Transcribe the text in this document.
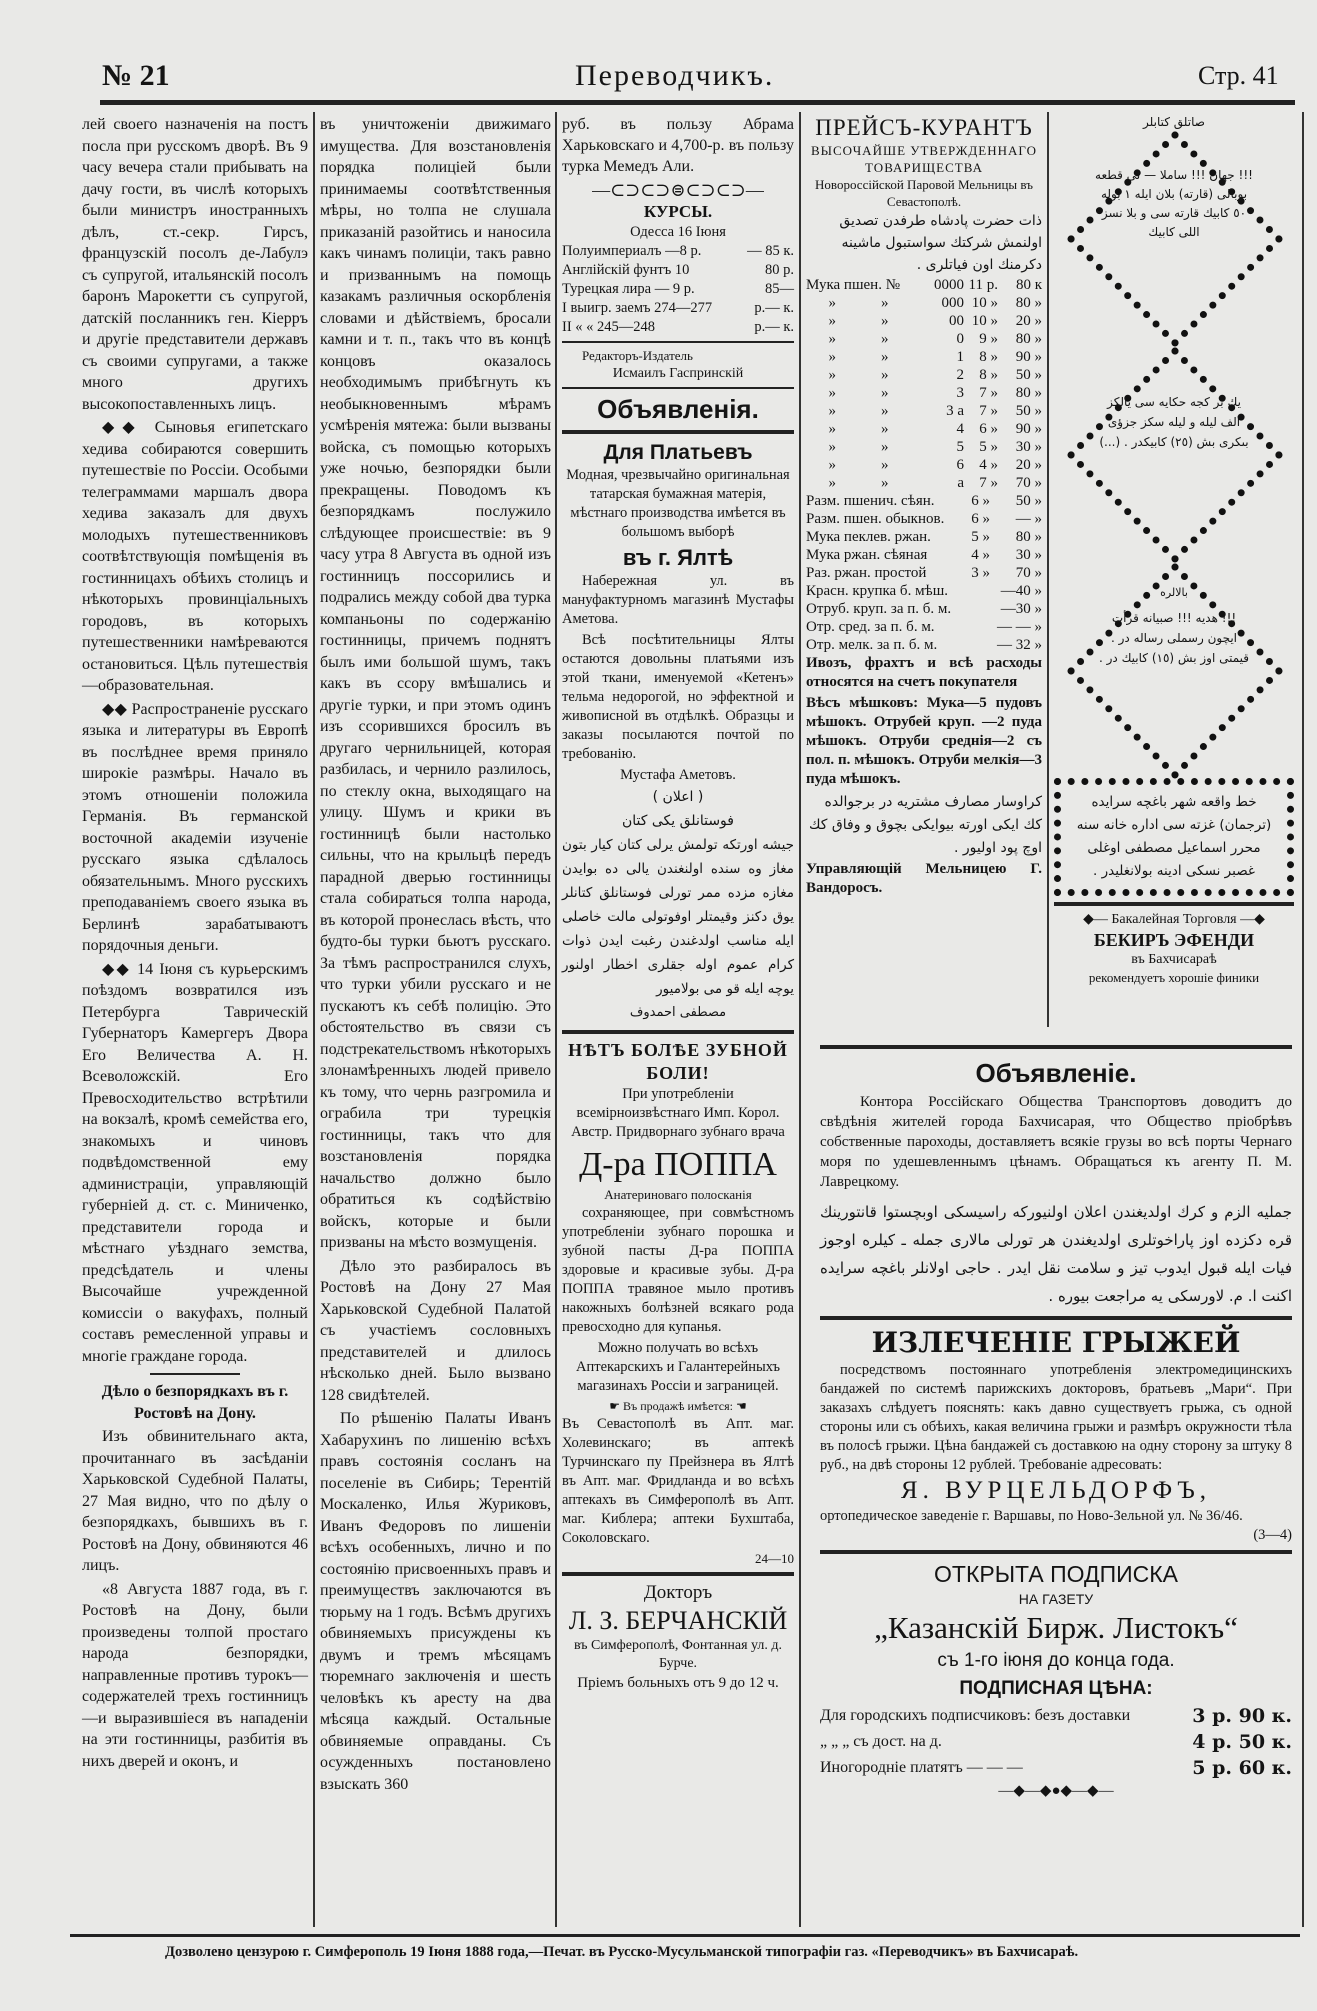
№ 21	Переводчикъ.	Стр. 41

лей своего назначенія на постъ посла при русскомъ дворѣ. Въ 9 часу вечера стали прибывать на дачу гости, въ числѣ которыхъ были министръ иностранныхъ дѣлъ, ст.-секр. Гирсъ, французскій посолъ де-Лабулэ съ супругой, итальянскій посолъ баронъ Марокетти съ супругой, датскій посланникъ ген. Кіерръ и другіе представители державъ съ своими супругами, а также много другихъ высокопоставленныхъ лицъ.

◆◆ Сыновья египетскаго хедива собираются совершить путешествіе по Россіи. Особыми телеграммами маршалъ двора хедива заказалъ для двухъ молодыхъ путешественниковъ соотвѣтствующія помѣщенія въ гостинницахъ обѣихъ столицъ и нѣкоторыхъ провинціальныхъ городовъ, въ которыхъ путешественники намѣреваются остановиться. Цѣль путешествія—образовательная.

◆◆ Распространеніе русскаго языка и литературы въ Европѣ въ послѣднее время приняло широкіе размѣры. Начало въ этомъ отношеніи положила Германія. Въ германской восточной академіи изученіе русскаго языка сдѣлалось обязательнымъ. Много русскихъ преподаваніемъ своего языка въ Берлинѣ зарабатываютъ порядочныя деньги.

◆◆ 14 Іюня съ курьерскимъ поѣздомъ возвратился изъ Петербурга Таврическій Губернаторъ Камергеръ Двора Его Величества А. Н. Всеволожскій. Его Превосходительство встрѣтили на вокзалѣ, кромѣ семейства его, знакомыхъ и чиновъ подвѣдомственной ему администраціи, управляющій губерніей д. ст. с. Миниченко, представители города и мѣстнаго уѣзднаго земства, предсѣдатель и члены Высочайше учрежденной комиссіи о вакуфахъ, полный составъ ремесленной управы и многіе граждане города.

Дѣло о безпорядкахъ въ г. Ростовѣ на Дону.

Изъ обвинительнаго акта, прочитаннаго въ засѣданіи Харьковской Судебной Палаты, 27 Мая видно, что по дѣлу о безпорядкахъ, бывшихъ въ г. Ростовѣ на Дону, обвиняются 46 лицъ.

«8 Августа 1887 года, въ г. Ростовѣ на Дону, были произведены толпой простаго народа безпорядки, направленные противъ турокъ—содержателей трехъ гостинницъ—и выразившіеся въ нападеніи на эти гостинницы, разбитія въ нихъ дверей и оконъ, и

въ уничтоженіи движимаго имущества. Для возстановленія порядка полиціей были принимаемы соотвѣтственныя мѣры, но толпа не слушала приказаній разойтись и наносила какъ чинамъ полиціи, такъ равно и призваннымъ на помощь казакамъ различныя оскорбленія словами и дѣйствіемъ, бросали камни и т. п., такъ что въ концѣ концовъ оказалось необходимымъ прибѣгнуть къ необыкновеннымъ мѣрамъ усмѣренія мятежа: были вызваны войска, съ помощью которыхъ уже ночью, безпорядки были прекращены. Поводомъ къ безпорядкамъ послужило слѣдующее происшествіе: въ 9 часу утра 8 Августа въ одной изъ гостинницъ поссорились и подрались между собой два турка компаньоны по содержанію гостинницы, причемъ поднятъ былъ ими большой шумъ, такъ какъ въ ссору вмѣшались и другіе турки, и при этомъ одинъ изъ ссорившихся бросилъ въ другаго чернильницей, которая разбилась, и чернило разлилось, по стеклу окна, выходящаго на улицу. Шумъ и крики въ гостинницѣ были настолько сильны, что на крыльцѣ передъ парадной дверью гостинницы стала собираться толпа народа, въ которой пронеслась вѣсть, что будто-бы турки бьютъ русскаго. За тѣмъ распространился слухъ, что турки убили русскаго и не пускаютъ къ себѣ полицію. Это обстоятельство въ связи съ подстрекательствомъ нѣкоторыхъ злонамѣренныхъ людей привело къ тому, что чернь разгромила и ограбила три турецкія гостинницы, такъ что для возстановленія порядка начальство должно было обратиться къ содѣйствію войскъ, которые и были призваны на мѣсто возмущенія.

Дѣло это разбиралось въ Ростовѣ на Дону 27 Мая Харьковской Судебной Палатой съ участіемъ сословныхъ представителей и длилось нѣсколько дней. Было вызвано 128 свидѣтелей.

По рѣшенію Палаты Иванъ Хабарухинъ по лишенію всѣхъ правъ состоянія сосланъ на поселеніе въ Сибирь; Терентій Москаленко, Илья Журиковъ, Иванъ Федоровъ по лишеніи всѣхъ особенныхъ, лично и по состоянію присвоенныхъ правъ и преимуществъ заключаются въ тюрьму на 1 годъ. Всѣмъ другихъ обвиняемыхъ присуждены къ двумъ и тремъ мѣсяцамъ тюремнаго заключенія и шесть человѣкъ къ аресту на два мѣсяца каждый. Остальные обвиняемые оправданы. Съ осужденныхъ постановлено взыскать 360

руб. въ пользу Абрама Харьковскаго и 4,700-р. въ пользу турка Мемедъ Али.

—⊂⊃⊂⊃⊜⊂⊃⊂⊃—
КУРСЫ.
Одесса 16 Іюня
Полуимпериалъ —8 р.	— 85 к.
Англійскій фунтъ 10	80 р.
Турецкая лира — 9 р.	85—
I выигр. заемъ 274—277	р.— к.
II « « 245—248	р.— к.
Редакторъ-Издатель
Исмаилъ Гаспринскій
Объявленія.
Для Платьевъ

Модная, чрезвычайно оригинальная татарская бумажная матерія, мѣстнаго производства имѣется въ большомъ выборѣ

въ г. Ялтѣ

Набережная ул. въ мануфактурномъ магазинѣ Мустафы Аметова.

Всѣ посѣтительницы Ялты остаются довольны платьями изъ этой ткани, именуемой «Кетенъ» тельма недорогой, но эффектной и живописной въ отдѣлкѣ. Образцы и заказы посылаются почтой по требованію.

Мустафа Аметовъ.
( اعلان )
فوستانلق يكى كتان
جيشه اورتكه تولمش يرلى كتان كيار بتون مغاز وه سنده اولنغندن يالى ده بوايدن مغازه مزده ممر تورلى فوستانلق كتانلر يوق دكنز وقيمتلر اوفوتولى مالت خاصلى ايله مناسب اولدغندن رغبت ايدن ذوات كرام عموم اوله جقلرى اخطار اولنور يوچه ايله قو مى بولاميور
مصطفى احمدوف
НѢТЪ БОЛѢЕ ЗУБНОЙ БОЛИ!

При употребленіи всемірноизвѣстнаго Имп. Корол. Австр. Придворнаго зубнаго врача

Д-ра ПОППА
Анатериноваго полосканія

сохраняющее, при совмѣстномъ употребленіи зубнаго порошка и зубной пасты Д-ра ПОППА здоровые и красивые зубы. Д-ра ПОППА травяное мыло противъ накожныхъ болѣзней всякаго рода превосходно для купанья.

Можно получать во всѣхъ Аптекарскихъ и Галантерейныхъ магазинахъ Россіи и заграницей.

☛ Въ продажѣ имѣется: ☚

Въ Севастополѣ въ Апт. маг. Холевинскаго; въ аптекѣ Турчинскаго пу Прейзнера въ Ялтѣ въ Апт. маг. Фридланда и во всѣхъ аптекахъ въ Симферополѣ въ Апт. маг. Киблера; аптеки Бухштаба, Соколовскаго.

24—10
Докторъ
Л. З. БЕРЧАНСКІЙ
въ Симферополѣ, Фонтанная ул. д. Бурче.
Пріемъ больныхъ отъ 9 до 12 ч.
ПРЕЙСЪ-КУРАНТЪ
ВЫСОЧАЙШЕ УТВЕРЖДЕННАГО ТОВАРИЩЕСТВА
Новороссійской Паровой Мельницы въ Севастополѣ.
ذات حضرت پادشاه طرفدن تصديق اولنمش شركتك سواستبول ماشينه دكرمنك اون فياتلرى .
Мука пшен. №	0000 11 р.	80 к
»            »	000 10 »	80 »
»            »	00 10 »	20 »
»            »	0	9 »	80 »
»            »	1	8 »	90 »
»            »	2	8 »	50 »
»            »	3	7 »	80 »
»            »	3 а	7 »	50 »
»            »	4	6 »	90 »
»            »	5	5 »	30 »
»            »	6	4 »	20 »
»            »	а	7 »	70 »
Разм. пшенич. сѣян.	6 »	50 »
Разм. пшен. обыкнов.	6 »	— »
Мука пеклев. ржан.	5 »	80 »
Мука ржан. сѣяная	4 »	30 »
Раз. ржан. простой	3 »	70 »
Красн. крупка б. мѣш.	—40 »
Отруб. круп. за п. б. м.	—30 »
Отр. сред. за п. б. м.	— — »
Отр. мелк. за п. б. м.	— 32 »

Ивозъ, фрахтъ и всѣ расходы относятся на счетъ покупателя

Вѣсъ мѣшковъ: Мука—5 пудовъ мѣшокъ. Отрубей круп. —2 пуда мѣшокъ. Отруби среднія—2 съ пол. п. мѣшокъ. Отруби мелкія—3 пуда мѣшокъ.

كراوسار مصارف مشتريه در برجوالده كك ايكى اورته بيوايكى بچوق و وفاق كك اوچ پود اوليور .

Управляющій Мельницею Г. Вандоросъ.

صاتلق كتابلر
!!! جهان !!! ساملا — لى قطعه بوبالى (قارته) بلان ايله ١ بوله ٥٠ كابيك قارته سى و بلا نسز اللى كابيك
يك بر كجه حكايه سى يالكز الف ليله و ليله سكز جزؤى بىكرى بش (٢٥) كابيكدر . (...)
بالالره
!!! هديه !!! صبيانه قرأت ايچون رسملى رساله در . قيمتى اوز بش (١٥) كابيك در .
خط واقعه شهر باغچه سرايده (ترجمان) غزته سى اداره خانه سنه محرر اسماعيل مصطفى اوغلى غصبر نسكى ادينه بولانغليدر .
◆— Бакалейная Торговля —◆
БЕКИРЪ ЭФЕНДИ
въ Бахчисараѣ
рекомендуетъ хорошіе финики
Объявленіе.

Контора Россійскаго Общества Транспортовъ доводитъ до свѣдѣнія жителей города Бахчисарая, что Общество пріобрѣвъ собственные пароходы, доставляетъ всякіе грузы во всѣ порты Чернаго моря по удешевленнымъ цѣнамъ. Обращаться къ агенту П. М. Лаврецкому.

جمليه الزم و كرك اولديغندن اعلان اولنيوركه راسيسكى اوبچستوا قانتورينك قره دكزده اوز پاراخوتلرى اولديغندن هر تورلى مالارى جمله ـ كيلره اوجوز فيات ايله قبول ايدوب تيز و سلامت نقل ايدر . حاجى اولانلر باغچه سرايده اكنت ا. م. لاورسكى يه مراجعت بيوره .
ИЗЛЕЧЕНІЕ ГРЫЖЕЙ

посредствомъ постояннаго употребленія электромедицинскихъ бандажей по системѣ парижскихъ докторовъ, братьевъ „Мари“. При заказахъ слѣдуетъ пояснять: какъ давно существуетъ грыжа, съ одной стороны или съ обѣихъ, какая величина грыжи и размѣръ окружности тѣла въ полосѣ грыжи. Цѣна бандажей съ доставкою на одну сторону за штуку 8 руб., на двѣ стороны 12 рублей. Требованіе адресовать:

Я. ВУРЦЕЛЬДОРФЪ,
ортопедическое заведеніе г. Варшавы, по Ново-Зельной ул. № 36/46.
(3—4)
ОТКРЫТА ПОДПИСКА
НА ГАЗЕТУ
„Казанскій Бирж. Листокъ“
съ 1-го іюня до конца года.
ПОДПИСНАЯ ЦѢНА:
Для городскихъ подписчиковъ: безъ доставки	3 р. 90 к.
„ „ „ съ дост. на д.	4 р. 50 к.
Иногородніе платятъ — — —	5 р. 60 к.
—◆—◆●◆—◆—
Дозволено цензурою г. Симферополь 19 Іюня 1888 года,—Печат. въ Русско-Мусульманской типографіи газ. «Переводчикъ» въ Бахчисараѣ.
